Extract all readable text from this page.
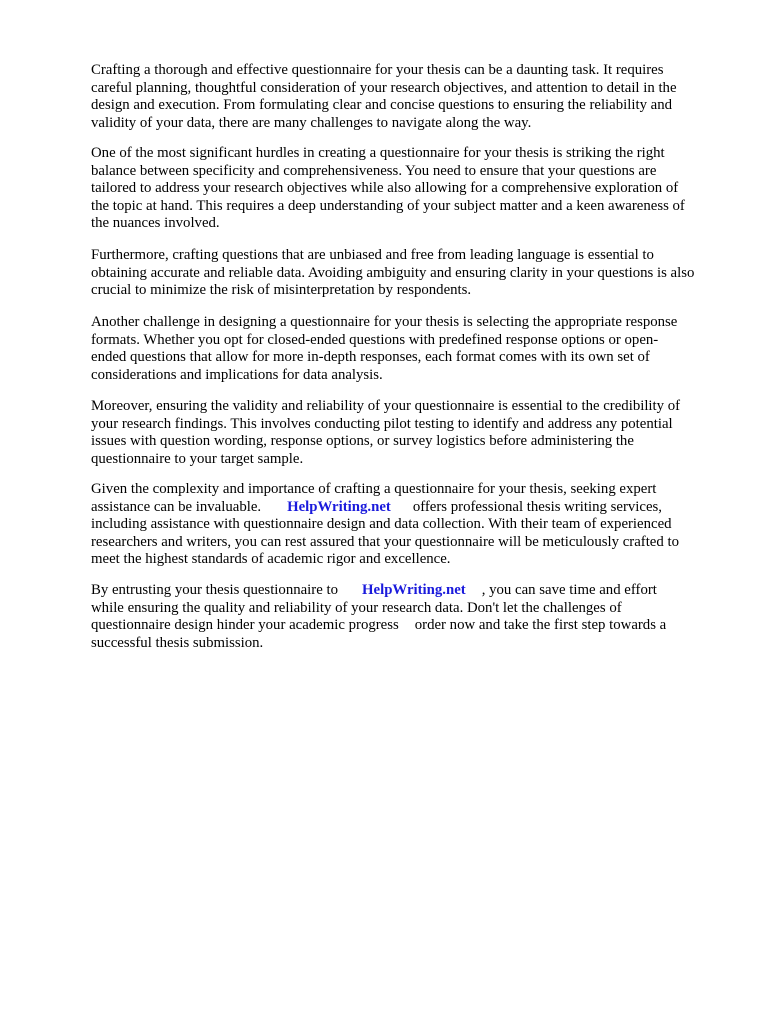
Crafting a thorough and effective questionnaire for your thesis can be a daunting task. It requires
careful planning, thoughtful consideration of your research objectives, and attention to detail in the
design and execution. From formulating clear and concise questions to ensuring the reliability and
validity of your data, there are many challenges to navigate along the way.

One of the most significant hurdles in creating a questionnaire for your thesis is striking the right
balance between specificity and comprehensiveness. You need to ensure that your questions are
tailored to address your research objectives while also allowing for a comprehensive exploration of
the topic at hand. This requires a deep understanding of your subject matter and a keen awareness of
the nuances involved.

Furthermore, crafting questions that are unbiased and free from leading language is essential to
obtaining accurate and reliable data. Avoiding ambiguity and ensuring clarity in your questions is also
crucial to minimize the risk of misinterpretation by respondents.

Another challenge in designing a questionnaire for your thesis is selecting the appropriate response
formats. Whether you opt for closed-ended questions with predefined response options or open-
ended questions that allow for more in-depth responses, each format comes with its own set of
considerations and implications for data analysis.

Moreover, ensuring the validity and reliability of your questionnaire is essential to the credibility of
your research findings. This involves conducting pilot testing to identify and address any potential
issues with question wording, response options, or survey logistics before administering the
questionnaire to your target sample.

Given the complexity and importance of crafting a questionnaire for your thesis, seeking expert
assistance can be invaluable. HelpWriting.net offers professional thesis writing services,
including assistance with questionnaire design and data collection. With their team of experienced
researchers and writers, you can rest assured that your questionnaire will be meticulously crafted to
meet the highest standards of academic rigor and excellence.

By entrusting your thesis questionnaire to HelpWriting.net , you can save time and effort
while ensuring the quality and reliability of your research data. Don't let the challenges of
questionnaire design hinder your academic progress order now and take the first step towards a
successful thesis submission.
